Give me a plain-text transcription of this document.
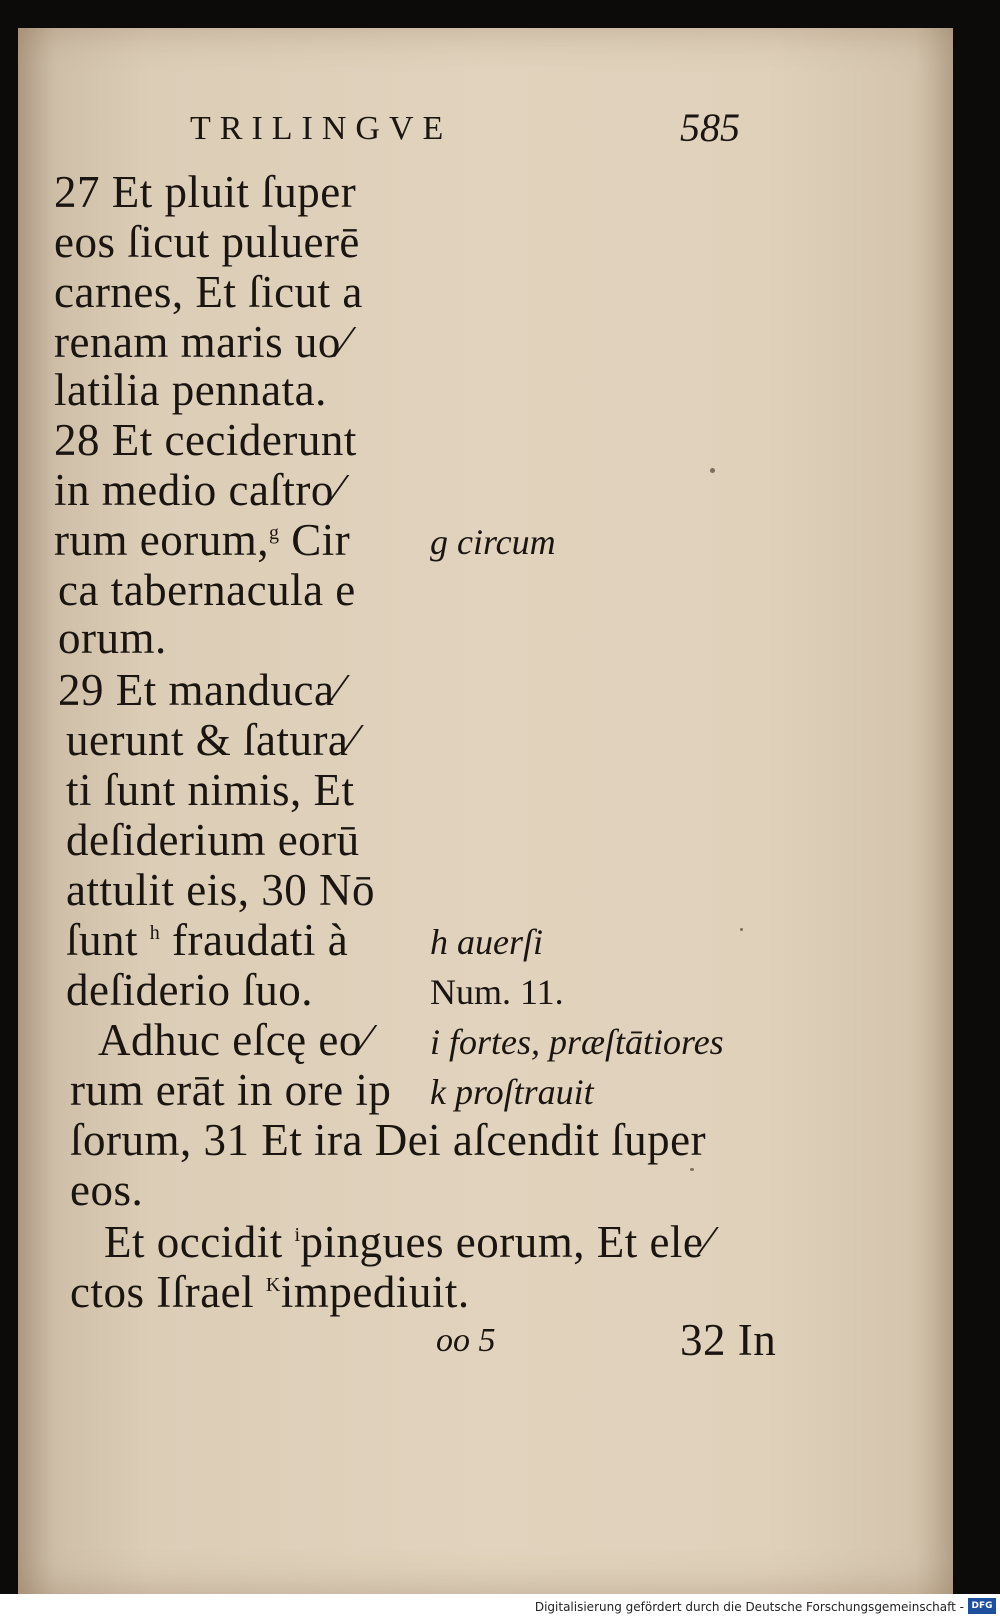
TRILINGVE	585
27 Et pluit ſuper
eos ſicut puluerē
carnes, Et ſicut a
renam maris uo⁄
latilia pennata.
28 Et ceciderunt
in medio caſtro⁄
rum eorum,$^g$ Cir
ca tabernacula e
orum.
29 Et manduca⁄
uerunt & ſatura⁄
ti ſunt nimis, Et
deſiderium eorū
attulit eis, 30 Nō
ſunt $^h$ fraudati à
deſiderio ſuo.
Adhuc eſcę eo⁄
rum erāt in ore ip
ſorum, 31 Et ira Dei aſcendit ſuper
eos.
Et occidit $^i$pingues eorum, Et ele⁄
ctos Iſrael $^K$impediuit.
g circum
h auerſi
Num. 11.
i fortes, præſtātiores
k proſtrauit
oo 5	32 In
Digitalisierung gefördert durch die Deutsche Forschungsgemeinschaft - DFG
